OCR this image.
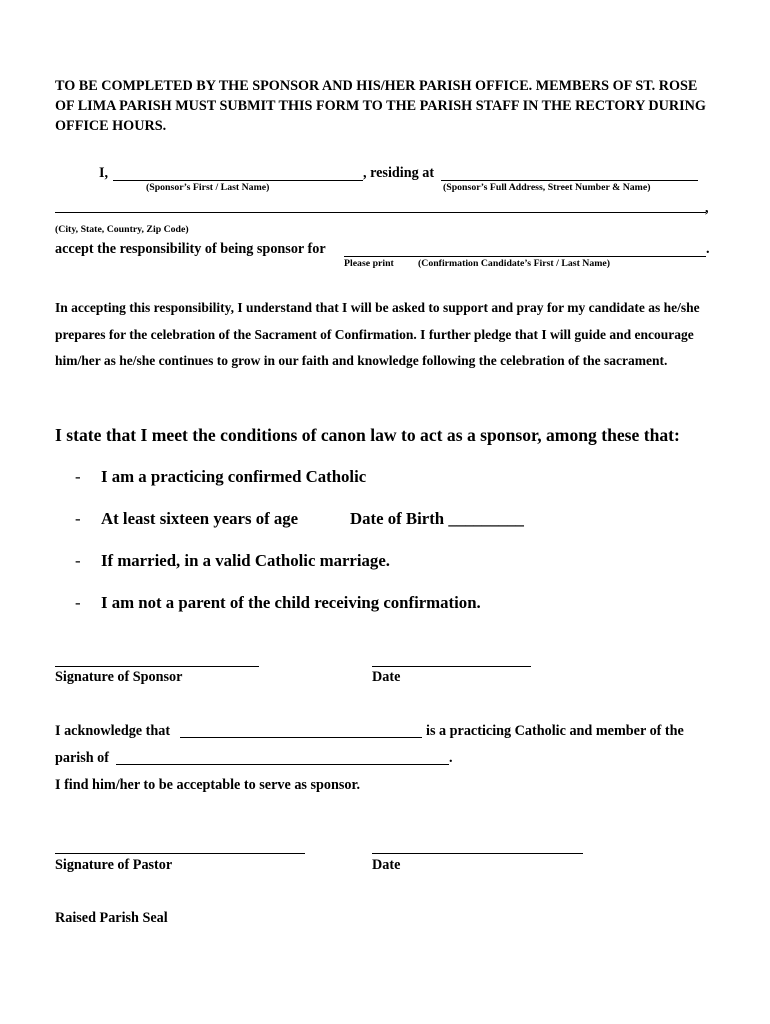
TO BE COMPLETED BY THE SPONSOR AND HIS/HER PARISH OFFICE. MEMBERS OF ST. ROSE OF LIMA PARISH MUST SUBMIT THIS FORM TO THE PARISH STAFF IN THE RECTORY DURING OFFICE HOURS.
I,	, residing at
(Sponsor’s First / Last Name)	(Sponsor’s Full Address, Street Number & Name)
,
(City, State, Country, Zip Code)
accept the responsibility of being sponsor for	.
Please print (Confirmation Candidate’s First / Last Name)
In accepting this responsibility, I understand that I will be asked to support and pray for my candidate as he/she prepares for the celebration of the Sacrament of Confirmation. I further pledge that I will guide and encourage him/her as he/she continues to grow in our faith and knowledge following the celebration of the sacrament.
I state that I meet the conditions of canon law to act as a sponsor, among these that:
- I am a practicing confirmed Catholic
- At least sixteen years of age	Date of Birth _________
- If married, in a valid Catholic marriage.
- I am not a parent of the child receiving confirmation.
Signature of Sponsor	Date
I acknowledge that	is a practicing Catholic and member of the
parish of	.
I find him/her to be acceptable to serve as sponsor.
Signature of Pastor	Date
Raised Parish Seal
